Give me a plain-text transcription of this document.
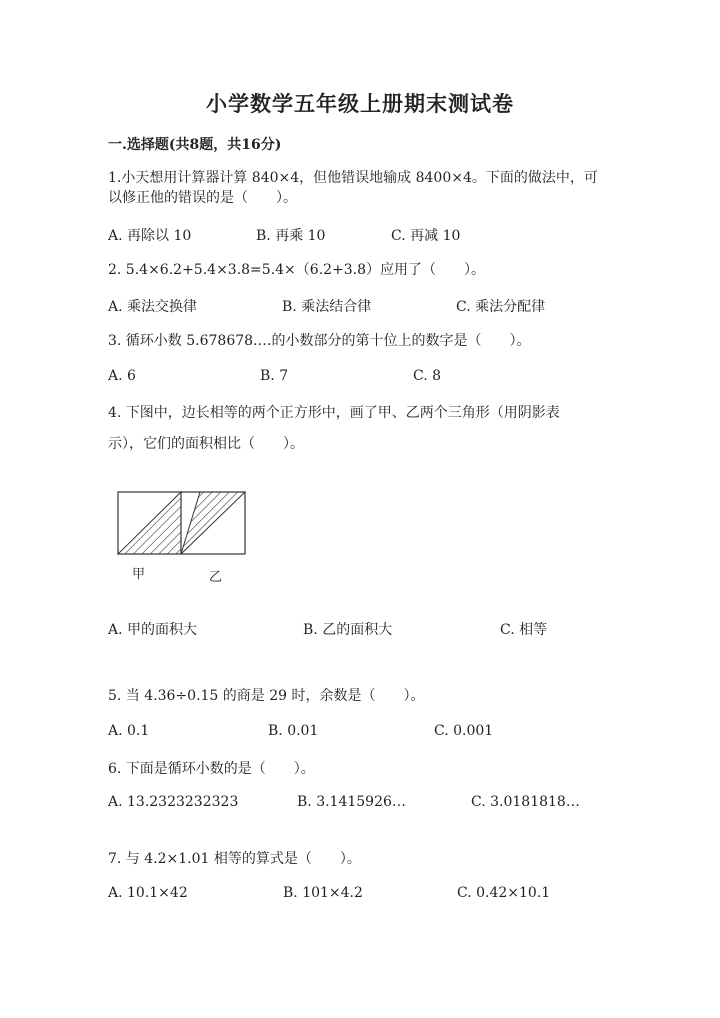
小学数学五年级上册期末测试卷
一.选择题(共8题，共16分)
1.小天想用计算器计算 840×4，但他错误地输成 8400×4。下面的做法中，可
以修正他的错误的是（　　）。
A. 再除以 10	B. 再乘 10	C. 再减 10
2. 5.4×6.2+5.4×3.8=5.4×（6.2+3.8）应用了（　　）。
A. 乘法交换律	B. 乘法结合律	C. 乘法分配律
3. 循环小数 5.678678.…的小数部分的第十位上的数字是（　　）。
A. 6	B. 7	C. 8
4. 下图中，边长相等的两个正方形中，画了甲、乙两个三角形（用阴影表
示），它们的面积相比（　　）。
甲	乙
A. 甲的面积大	B. 乙的面积大	C. 相等
5. 当 4.36÷0.15 的商是 29 时，余数是（　　）。
A. 0.1	B. 0.01	C. 0.001
6. 下面是循环小数的是（　　）。
A. 13.2323232323	B. 3.1415926…	C. 3.0181818…
7. 与 4.2×1.01 相等的算式是（　　）。
A. 10.1×42	B. 101×4.2	C. 0.42×10.1
